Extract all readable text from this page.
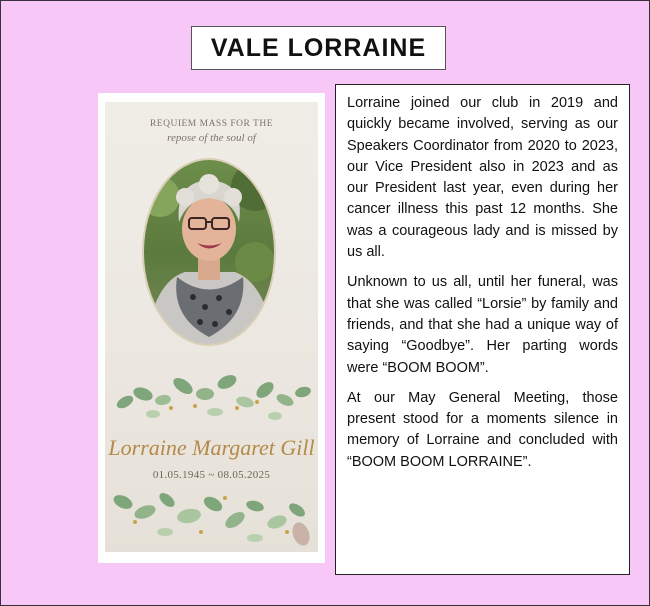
VALE LORRAINE
REQUIEM MASS FOR THE
repose of the soul of
Lorraine Margaret Gill
01.05.1945 ~ 08.05.2025

Lorraine joined our club in 2019 and quickly became involved, serving as our Speakers Coordinator from 2020 to 2023, our Vice President also in 2023 and as our President last year, even during her cancer illness this past 12 months. She was a courageous lady and is missed by us all.

Unknown to us all, until her funeral, was that she was called “Lorsie” by family and friends, and that she had a unique way of saying “Goodbye”. Her parting words were “BOOM BOOM”.

At our May General Meeting, those present stood for a moments silence in memory of Lorraine and concluded with “BOOM BOOM LORRAINE”.
